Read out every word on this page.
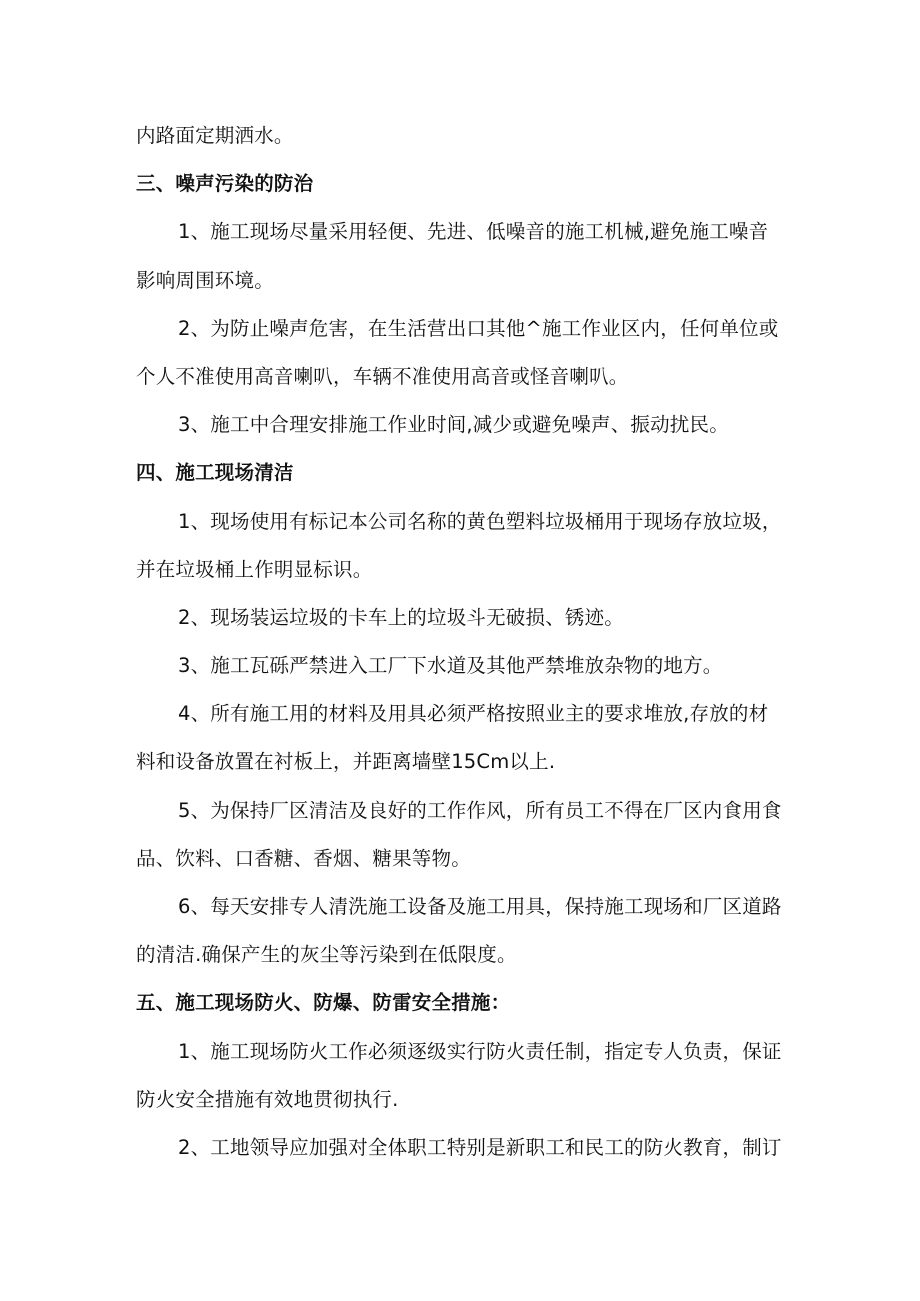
内路面定期洒水。
三、噪声污染的防治
1、施工现场尽量采用轻便、先进、低噪音的施工机械,避免施工噪音
影响周围环境。
2、为防止噪声危害，在生活营出口其他^施工作业区内，任何单位或
个人不准使用高音喇叭，车辆不准使用高音或怪音喇叭。
3、施工中合理安排施工作业时间,减少或避免噪声、振动扰民。
四、施工现场清洁
1、现场使用有标记本公司名称的黄色塑料垃圾桶用于现场存放垃圾，
并在垃圾桶上作明显标识。
2、现场装运垃圾的卡车上的垃圾斗无破损、锈迹。
3、施工瓦砾严禁进入工厂下水道及其他严禁堆放杂物的地方。
4、所有施工用的材料及用具必须严格按照业主的要求堆放,存放的材
料和设备放置在衬板上，并距离墙壁15Cm以上.
5、为保持厂区清洁及良好的工作作风，所有员工不得在厂区内食用食
品、饮料、口香糖、香烟、糖果等物。
6、每天安排专人清洗施工设备及施工用具，保持施工现场和厂区道路
的清洁.确保产生的灰尘等污染到在低限度。
五、施工现场防火、防爆、防雷安全措施：
1、施工现场防火工作必须逐级实行防火责任制，指定专人负责，保证
防火安全措施有效地贯彻执行.
2、工地领导应加强对全体职工特别是新职工和民工的防火教育，制订
